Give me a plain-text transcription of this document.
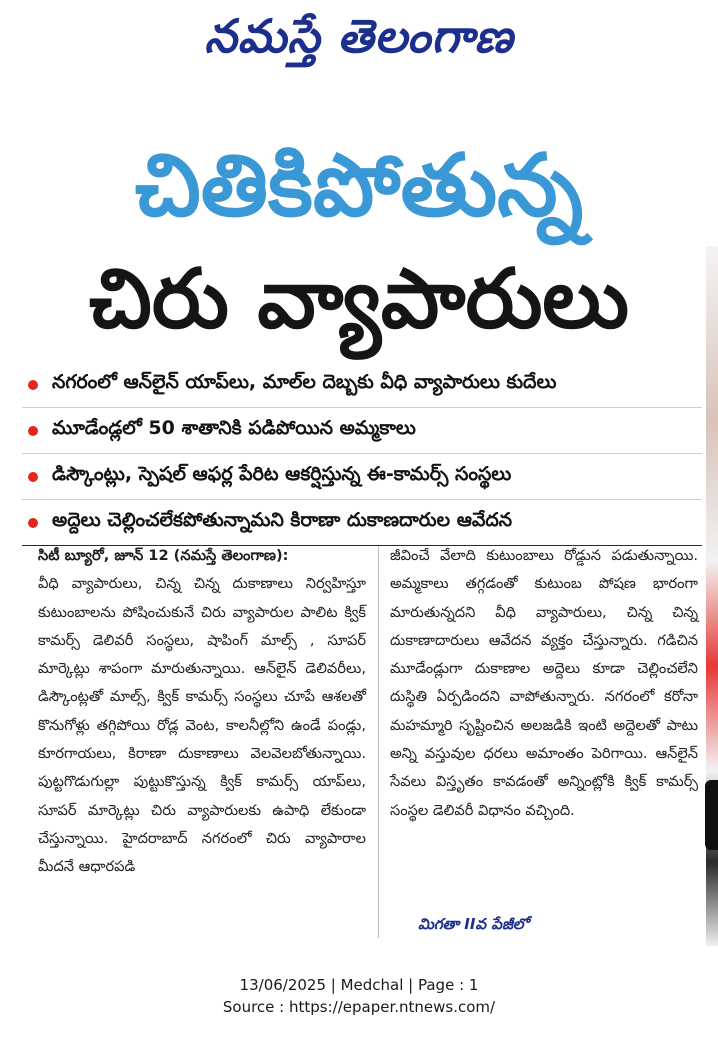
నమస్తే తెలంగాణ
చితికిపోతున్న
చిరు వ్యాపారులు
నగరంలో ఆన్‌లైన్ యాప్‌లు, మాల్‌ల దెబ్బకు వీధి వ్యాపారులు కుదేలు
మూడేండ్లలో 50 శాతానికి పడిపోయిన అమ్మకాలు
డిస్కౌంట్లు, స్పెషల్ ఆఫర్ల పేరిట ఆకర్షిస్తున్న ఈ-కామర్స్ సంస్థలు
అద్దెలు చెల్లించలేకపోతున్నామని కిరాణా దుకాణదారుల ఆవేదన
సిటీ బ్యూరో, జూన్ 12 (నమస్తే తెలంగాణ):
వీధి వ్యాపారులు, చిన్న చిన్న దుకాణాలు నిర్వహిస్తూ కుటుంబాలను పోషించుకునే చిరు వ్యాపారుల పాలిట క్విక్ కామర్స్ డెలివరీ సంస్థలు, షాపింగ్ మాల్స్ , సూపర్ మార్కెట్లు శాపంగా మారుతున్నాయి. ఆన్‌లైన్ డెలివరీలు, డిస్కౌంట్లతో మాల్స్, క్విక్ కామర్స్ సంస్థలు చూపే ఆశలతో కొనుగోళ్లు తగ్గిపోయి రోడ్ల వెంట, కాలనీల్లోని ఉండే పండ్లు, కూరగాయలు, కిరాణా దుకాణాలు వెలవెలబోతున్నాయి. పుట్టగొడుగుల్లా పుట్టుకొస్తున్న క్విక్ కామర్స్ యాప్‌లు, సూపర్ మార్కెట్లు చిరు వ్యాపారులకు ఉపాధి లేకుండా చేస్తున్నాయి. హైదరాబాద్ నగరంలో చిరు వ్యాపారాల మీదనే ఆధారపడి
జీవించే వేలాది కుటుంబాలు రోడ్డున పడుతున్నాయి. అమ్మకాలు తగ్గడంతో కుటుంబ పోషణ భారంగా మారుతున్నదని వీధి వ్యాపారులు, చిన్న చిన్న దుకాణాదారులు ఆవేదన వ్యక్తం చేస్తున్నారు. గడిచిన మూడేండ్లుగా దుకాణాల అద్దెలు కూడా చెల్లించలేని దుస్థితి ఏర్పడిందని వాపోతున్నారు. నగరంలో కరోనా మహమ్మారి సృష్టించిన అలజడికి ఇంటి అద్దెలతో పాటు అన్ని వస్తువుల ధరలు అమాంతం పెరిగాయి. ఆన్‌లైన్ సేవలు విస్తృతం కావడంతో అన్నింట్లోకి క్విక్ కామర్స్ సంస్థల డెలివరీ విధానం వచ్చింది.
మిగతా IIవ పేజీలో
13/06/2025 | Medchal | Page : 1
Source : https://epaper.ntnews.com/
